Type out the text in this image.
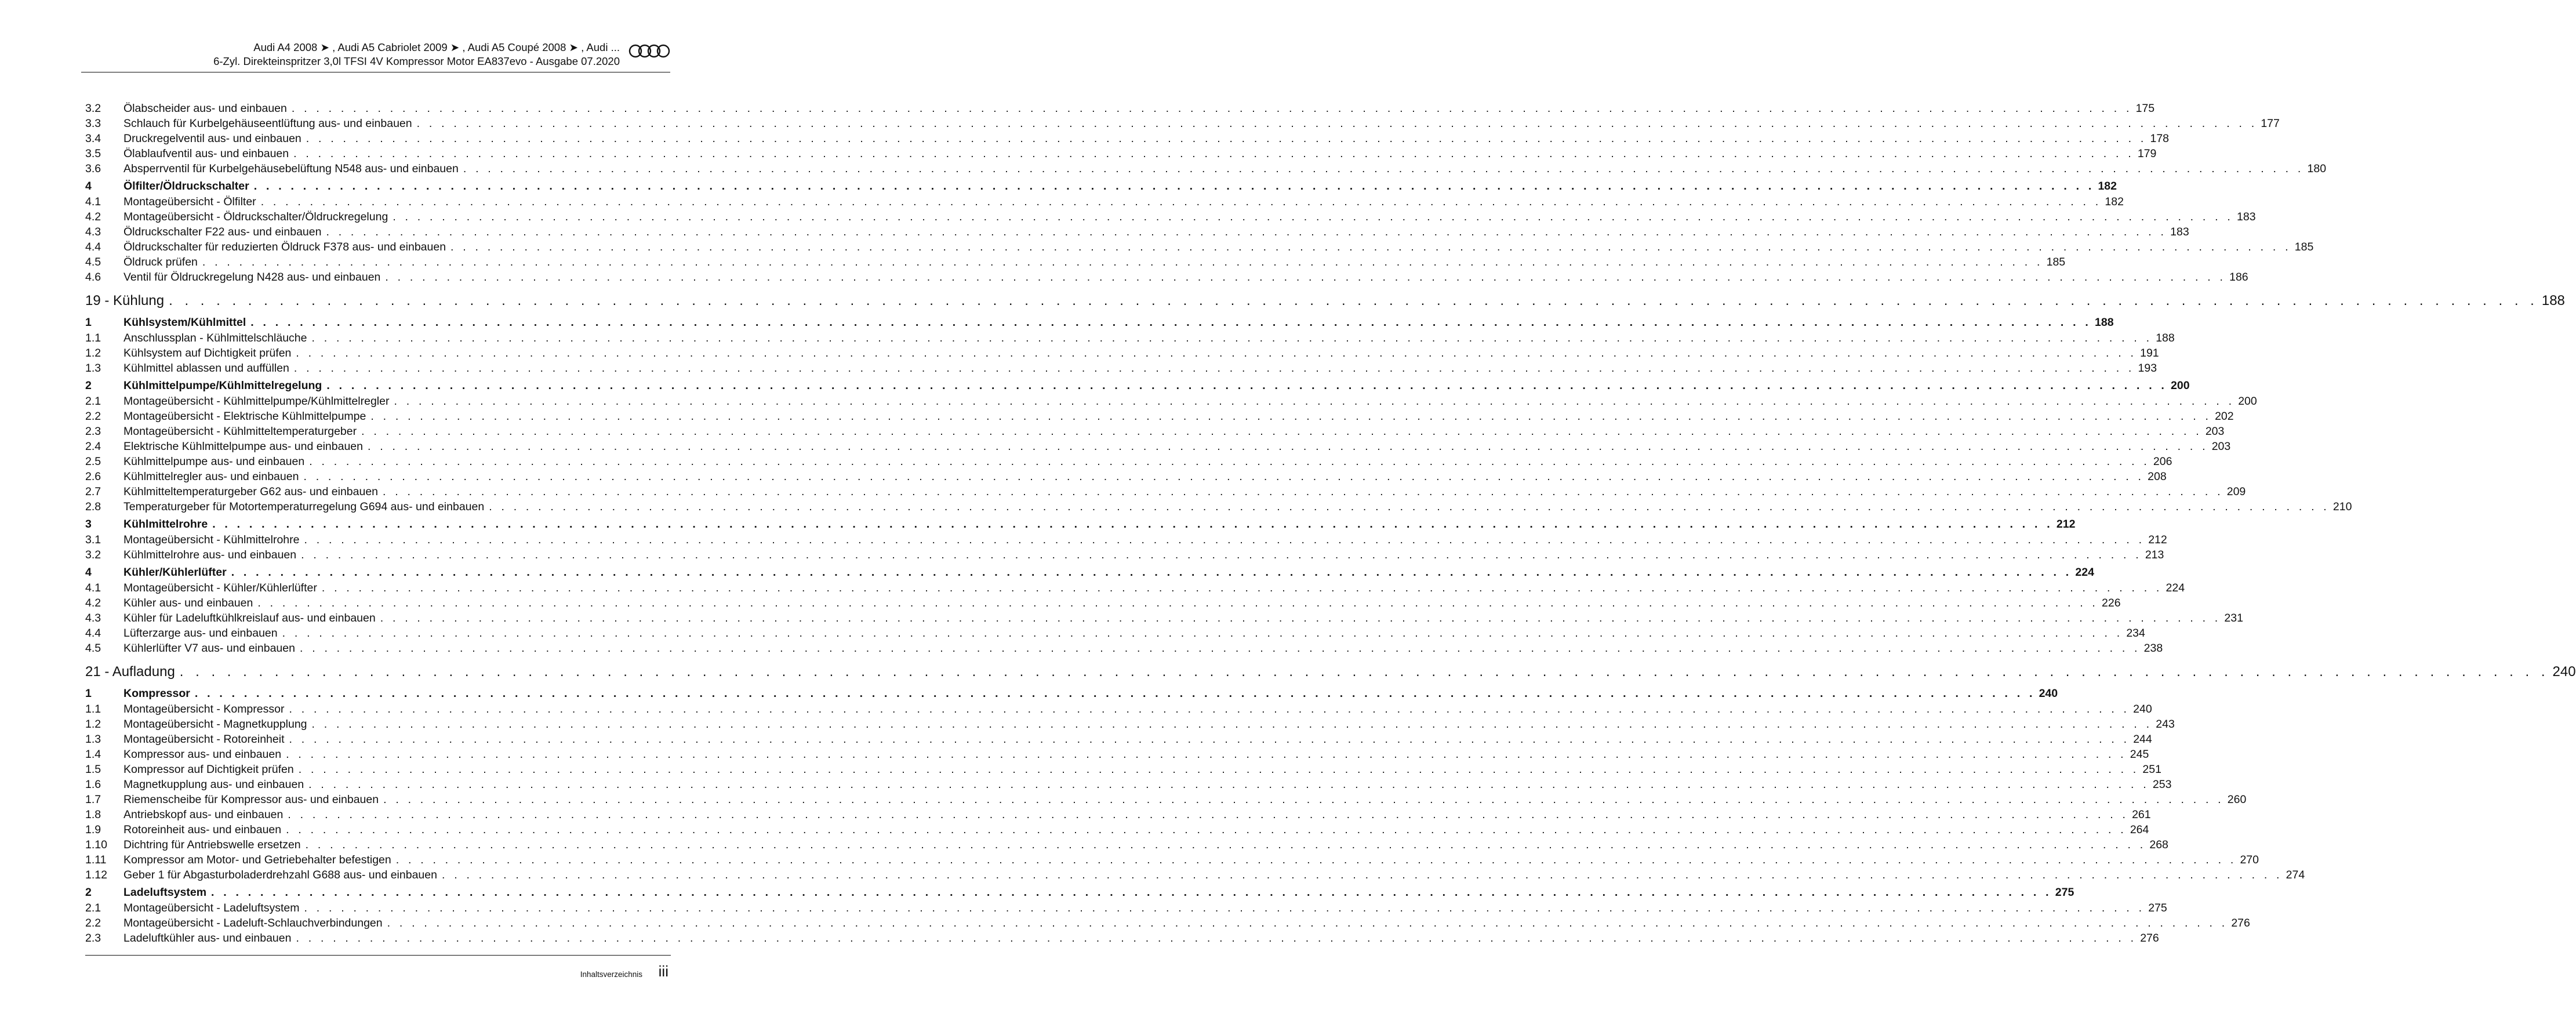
Audi A4 2008 ➤ , Audi A5 Cabriolet 2009 ➤ , Audi A5 Coupé 2008 ➤ , Audi ...
6-Zyl. Direkteinspritzer 3,0l TFSI 4V Kompressor Motor EA837evo - Ausgabe 07.2020
3.2	Ölabscheider aus- und einbauen . . . . . . . . . . . . . . . . . . . . . . . . . . . . . . . . . . . . . . . . . . . . . . . . . . . . . . . . . . . . . . . . . . . . . . . . . . . . . . . . . . . . . . . . . . . . . . . . . . . . . . . . . . . . . . . . . . . . . . . . . . . . . . . . . . . . . . . . . . . . . . . . . . . . . . 175
3.3	Schlauch für Kurbelgehäuseentlüftung aus- und einbauen . . . . . . . . . . . . . . . . . . . . . . . . . . . . . . . . . . . . . . . . . . . . . . . . . . . . . . . . . . . . . . . . . . . . . . . . . . . . . . . . . . . . . . . . . . . . . . . . . . . . . . . . . . . . . . . . . . . . . . . . . . . . . . . . . . . . . . . . . . . . . . . . . . . . . . 177
3.4	Druckregelventil aus- und einbauen . . . . . . . . . . . . . . . . . . . . . . . . . . . . . . . . . . . . . . . . . . . . . . . . . . . . . . . . . . . . . . . . . . . . . . . . . . . . . . . . . . . . . . . . . . . . . . . . . . . . . . . . . . . . . . . . . . . . . . . . . . . . . . . . . . . . . . . . . . . . . . . . . . . . . . 178
3.5	Ölablaufventil aus- und einbauen . . . . . . . . . . . . . . . . . . . . . . . . . . . . . . . . . . . . . . . . . . . . . . . . . . . . . . . . . . . . . . . . . . . . . . . . . . . . . . . . . . . . . . . . . . . . . . . . . . . . . . . . . . . . . . . . . . . . . . . . . . . . . . . . . . . . . . . . . . . . . . . . . . . . . . 179
3.6	Absperrventil für Kurbelgehäusebelüftung N548 aus- und einbauen . . . . . . . . . . . . . . . . . . . . . . . . . . . . . . . . . . . . . . . . . . . . . . . . . . . . . . . . . . . . . . . . . . . . . . . . . . . . . . . . . . . . . . . . . . . . . . . . . . . . . . . . . . . . . . . . . . . . . . . . . . . . . . . . . . . . . . . . . . . . . . . . . . . . . . 180
4	Ölfilter/Öldruckschalter . . . . . . . . . . . . . . . . . . . . . . . . . . . . . . . . . . . . . . . . . . . . . . . . . . . . . . . . . . . . . . . . . . . . . . . . . . . . . . . . . . . . . . . . . . . . . . . . . . . . . . . . . . . . . . . . . . . . . . . . . . . . . . . . . . . . . . . . . . . . . . . . . . . . . . 182
4.1	Montageübersicht - Ölfilter . . . . . . . . . . . . . . . . . . . . . . . . . . . . . . . . . . . . . . . . . . . . . . . . . . . . . . . . . . . . . . . . . . . . . . . . . . . . . . . . . . . . . . . . . . . . . . . . . . . . . . . . . . . . . . . . . . . . . . . . . . . . . . . . . . . . . . . . . . . . . . . . . . . . . . 182
4.2	Montageübersicht - Öldruckschalter/Öldruckregelung . . . . . . . . . . . . . . . . . . . . . . . . . . . . . . . . . . . . . . . . . . . . . . . . . . . . . . . . . . . . . . . . . . . . . . . . . . . . . . . . . . . . . . . . . . . . . . . . . . . . . . . . . . . . . . . . . . . . . . . . . . . . . . . . . . . . . . . . . . . . . . . . . . . . . . 183
4.3	Öldruckschalter F22 aus- und einbauen . . . . . . . . . . . . . . . . . . . . . . . . . . . . . . . . . . . . . . . . . . . . . . . . . . . . . . . . . . . . . . . . . . . . . . . . . . . . . . . . . . . . . . . . . . . . . . . . . . . . . . . . . . . . . . . . . . . . . . . . . . . . . . . . . . . . . . . . . . . . . . . . . . . . . . 183
4.4	Öldruckschalter für reduzierten Öldruck F378 aus- und einbauen . . . . . . . . . . . . . . . . . . . . . . . . . . . . . . . . . . . . . . . . . . . . . . . . . . . . . . . . . . . . . . . . . . . . . . . . . . . . . . . . . . . . . . . . . . . . . . . . . . . . . . . . . . . . . . . . . . . . . . . . . . . . . . . . . . . . . . . . . . . . . . . . . . . . . . 185
4.5	Öldruck prüfen . . . . . . . . . . . . . . . . . . . . . . . . . . . . . . . . . . . . . . . . . . . . . . . . . . . . . . . . . . . . . . . . . . . . . . . . . . . . . . . . . . . . . . . . . . . . . . . . . . . . . . . . . . . . . . . . . . . . . . . . . . . . . . . . . . . . . . . . . . . . . . . . . . . . . . 185
4.6	Ventil für Öldruckregelung N428 aus- und einbauen . . . . . . . . . . . . . . . . . . . . . . . . . . . . . . . . . . . . . . . . . . . . . . . . . . . . . . . . . . . . . . . . . . . . . . . . . . . . . . . . . . . . . . . . . . . . . . . . . . . . . . . . . . . . . . . . . . . . . . . . . . . . . . . . . . . . . . . . . . . . . . . . . . . . . . 186
19 - Kühlung . . . . . . . . . . . . . . . . . . . . . . . . . . . . . . . . . . . . . . . . . . . . . . . . . . . . . . . . . . . . . . . . . . . . . . . . . . . . . . . . . . . . . . . . . . . . . . . . . . . . . . . . . . . . . . . . . . . . . . . . . . . . . . . . . . . . . . . . . . . . . . . . . . . . . . 188
1	Kühlsystem/Kühlmittel . . . . . . . . . . . . . . . . . . . . . . . . . . . . . . . . . . . . . . . . . . . . . . . . . . . . . . . . . . . . . . . . . . . . . . . . . . . . . . . . . . . . . . . . . . . . . . . . . . . . . . . . . . . . . . . . . . . . . . . . . . . . . . . . . . . . . . . . . . . . . . . . . . . . . . 188
1.1	Anschlussplan - Kühlmittelschläuche . . . . . . . . . . . . . . . . . . . . . . . . . . . . . . . . . . . . . . . . . . . . . . . . . . . . . . . . . . . . . . . . . . . . . . . . . . . . . . . . . . . . . . . . . . . . . . . . . . . . . . . . . . . . . . . . . . . . . . . . . . . . . . . . . . . . . . . . . . . . . . . . . . . . . . 188
1.2	Kühlsystem auf Dichtigkeit prüfen . . . . . . . . . . . . . . . . . . . . . . . . . . . . . . . . . . . . . . . . . . . . . . . . . . . . . . . . . . . . . . . . . . . . . . . . . . . . . . . . . . . . . . . . . . . . . . . . . . . . . . . . . . . . . . . . . . . . . . . . . . . . . . . . . . . . . . . . . . . . . . . . . . . . . . 191
1.3	Kühlmittel ablassen und auffüllen . . . . . . . . . . . . . . . . . . . . . . . . . . . . . . . . . . . . . . . . . . . . . . . . . . . . . . . . . . . . . . . . . . . . . . . . . . . . . . . . . . . . . . . . . . . . . . . . . . . . . . . . . . . . . . . . . . . . . . . . . . . . . . . . . . . . . . . . . . . . . . . . . . . . . . 193
2	Kühlmittelpumpe/Kühlmittelregelung . . . . . . . . . . . . . . . . . . . . . . . . . . . . . . . . . . . . . . . . . . . . . . . . . . . . . . . . . . . . . . . . . . . . . . . . . . . . . . . . . . . . . . . . . . . . . . . . . . . . . . . . . . . . . . . . . . . . . . . . . . . . . . . . . . . . . . . . . . . . . . . . . . . . . . 200
2.1	Montageübersicht - Kühlmittelpumpe/Kühlmittelregler . . . . . . . . . . . . . . . . . . . . . . . . . . . . . . . . . . . . . . . . . . . . . . . . . . . . . . . . . . . . . . . . . . . . . . . . . . . . . . . . . . . . . . . . . . . . . . . . . . . . . . . . . . . . . . . . . . . . . . . . . . . . . . . . . . . . . . . . . . . . . . . . . . . . . . 200
2.2	Montageübersicht - Elektrische Kühlmittelpumpe . . . . . . . . . . . . . . . . . . . . . . . . . . . . . . . . . . . . . . . . . . . . . . . . . . . . . . . . . . . . . . . . . . . . . . . . . . . . . . . . . . . . . . . . . . . . . . . . . . . . . . . . . . . . . . . . . . . . . . . . . . . . . . . . . . . . . . . . . . . . . . . . . . . . . . 202
2.3	Montageübersicht - Kühlmitteltemperaturgeber . . . . . . . . . . . . . . . . . . . . . . . . . . . . . . . . . . . . . . . . . . . . . . . . . . . . . . . . . . . . . . . . . . . . . . . . . . . . . . . . . . . . . . . . . . . . . . . . . . . . . . . . . . . . . . . . . . . . . . . . . . . . . . . . . . . . . . . . . . . . . . . . . . . . . . 203
2.4	Elektrische Kühlmittelpumpe aus- und einbauen . . . . . . . . . . . . . . . . . . . . . . . . . . . . . . . . . . . . . . . . . . . . . . . . . . . . . . . . . . . . . . . . . . . . . . . . . . . . . . . . . . . . . . . . . . . . . . . . . . . . . . . . . . . . . . . . . . . . . . . . . . . . . . . . . . . . . . . . . . . . . . . . . . . . . . 203
2.5	Kühlmittelpumpe aus- und einbauen . . . . . . . . . . . . . . . . . . . . . . . . . . . . . . . . . . . . . . . . . . . . . . . . . . . . . . . . . . . . . . . . . . . . . . . . . . . . . . . . . . . . . . . . . . . . . . . . . . . . . . . . . . . . . . . . . . . . . . . . . . . . . . . . . . . . . . . . . . . . . . . . . . . . . . 206
2.6	Kühlmittelregler aus- und einbauen . . . . . . . . . . . . . . . . . . . . . . . . . . . . . . . . . . . . . . . . . . . . . . . . . . . . . . . . . . . . . . . . . . . . . . . . . . . . . . . . . . . . . . . . . . . . . . . . . . . . . . . . . . . . . . . . . . . . . . . . . . . . . . . . . . . . . . . . . . . . . . . . . . . . . . 208
2.7	Kühlmitteltemperaturgeber G62 aus- und einbauen . . . . . . . . . . . . . . . . . . . . . . . . . . . . . . . . . . . . . . . . . . . . . . . . . . . . . . . . . . . . . . . . . . . . . . . . . . . . . . . . . . . . . . . . . . . . . . . . . . . . . . . . . . . . . . . . . . . . . . . . . . . . . . . . . . . . . . . . . . . . . . . . . . . . . . 209
2.8	Temperaturgeber für Motortemperaturregelung G694 aus- und einbauen . . . . . . . . . . . . . . . . . . . . . . . . . . . . . . . . . . . . . . . . . . . . . . . . . . . . . . . . . . . . . . . . . . . . . . . . . . . . . . . . . . . . . . . . . . . . . . . . . . . . . . . . . . . . . . . . . . . . . . . . . . . . . . . . . . . . . . . . . . . . . . . . . . . . . . 210
3	Kühlmittelrohre . . . . . . . . . . . . . . . . . . . . . . . . . . . . . . . . . . . . . . . . . . . . . . . . . . . . . . . . . . . . . . . . . . . . . . . . . . . . . . . . . . . . . . . . . . . . . . . . . . . . . . . . . . . . . . . . . . . . . . . . . . . . . . . . . . . . . . . . . . . . . . . . . . . . . . 212
3.1	Montageübersicht - Kühlmittelrohre . . . . . . . . . . . . . . . . . . . . . . . . . . . . . . . . . . . . . . . . . . . . . . . . . . . . . . . . . . . . . . . . . . . . . . . . . . . . . . . . . . . . . . . . . . . . . . . . . . . . . . . . . . . . . . . . . . . . . . . . . . . . . . . . . . . . . . . . . . . . . . . . . . . . . . 212
3.2	Kühlmittelrohre aus- und einbauen . . . . . . . . . . . . . . . . . . . . . . . . . . . . . . . . . . . . . . . . . . . . . . . . . . . . . . . . . . . . . . . . . . . . . . . . . . . . . . . . . . . . . . . . . . . . . . . . . . . . . . . . . . . . . . . . . . . . . . . . . . . . . . . . . . . . . . . . . . . . . . . . . . . . . . 213
4	Kühler/Kühlerlüfter . . . . . . . . . . . . . . . . . . . . . . . . . . . . . . . . . . . . . . . . . . . . . . . . . . . . . . . . . . . . . . . . . . . . . . . . . . . . . . . . . . . . . . . . . . . . . . . . . . . . . . . . . . . . . . . . . . . . . . . . . . . . . . . . . . . . . . . . . . . . . . . . . . . . . . 224
4.1	Montageübersicht - Kühler/Kühlerlüfter . . . . . . . . . . . . . . . . . . . . . . . . . . . . . . . . . . . . . . . . . . . . . . . . . . . . . . . . . . . . . . . . . . . . . . . . . . . . . . . . . . . . . . . . . . . . . . . . . . . . . . . . . . . . . . . . . . . . . . . . . . . . . . . . . . . . . . . . . . . . . . . . . . . . . . 224
4.2	Kühler aus- und einbauen . . . . . . . . . . . . . . . . . . . . . . . . . . . . . . . . . . . . . . . . . . . . . . . . . . . . . . . . . . . . . . . . . . . . . . . . . . . . . . . . . . . . . . . . . . . . . . . . . . . . . . . . . . . . . . . . . . . . . . . . . . . . . . . . . . . . . . . . . . . . . . . . . . . . . . 226
4.3	Kühler für Ladeluftkühlkreislauf aus- und einbauen . . . . . . . . . . . . . . . . . . . . . . . . . . . . . . . . . . . . . . . . . . . . . . . . . . . . . . . . . . . . . . . . . . . . . . . . . . . . . . . . . . . . . . . . . . . . . . . . . . . . . . . . . . . . . . . . . . . . . . . . . . . . . . . . . . . . . . . . . . . . . . . . . . . . . . 231
4.4	Lüfterzarge aus- und einbauen . . . . . . . . . . . . . . . . . . . . . . . . . . . . . . . . . . . . . . . . . . . . . . . . . . . . . . . . . . . . . . . . . . . . . . . . . . . . . . . . . . . . . . . . . . . . . . . . . . . . . . . . . . . . . . . . . . . . . . . . . . . . . . . . . . . . . . . . . . . . . . . . . . . . . . 234
4.5	Kühlerlüfter V7 aus- und einbauen . . . . . . . . . . . . . . . . . . . . . . . . . . . . . . . . . . . . . . . . . . . . . . . . . . . . . . . . . . . . . . . . . . . . . . . . . . . . . . . . . . . . . . . . . . . . . . . . . . . . . . . . . . . . . . . . . . . . . . . . . . . . . . . . . . . . . . . . . . . . . . . . . . . . . . 238
21 - Aufladung . . . . . . . . . . . . . . . . . . . . . . . . . . . . . . . . . . . . . . . . . . . . . . . . . . . . . . . . . . . . . . . . . . . . . . . . . . . . . . . . . . . . . . . . . . . . . . . . . . . . . . . . . . . . . . . . . . . . . . . . . . . . . . . . . . . . . . . . . . . . . . . . . . . . . . 240
1	Kompressor . . . . . . . . . . . . . . . . . . . . . . . . . . . . . . . . . . . . . . . . . . . . . . . . . . . . . . . . . . . . . . . . . . . . . . . . . . . . . . . . . . . . . . . . . . . . . . . . . . . . . . . . . . . . . . . . . . . . . . . . . . . . . . . . . . . . . . . . . . . . . . . . . . . . . . 240
1.1	Montageübersicht - Kompressor . . . . . . . . . . . . . . . . . . . . . . . . . . . . . . . . . . . . . . . . . . . . . . . . . . . . . . . . . . . . . . . . . . . . . . . . . . . . . . . . . . . . . . . . . . . . . . . . . . . . . . . . . . . . . . . . . . . . . . . . . . . . . . . . . . . . . . . . . . . . . . . . . . . . . . 240
1.2	Montageübersicht - Magnetkupplung . . . . . . . . . . . . . . . . . . . . . . . . . . . . . . . . . . . . . . . . . . . . . . . . . . . . . . . . . . . . . . . . . . . . . . . . . . . . . . . . . . . . . . . . . . . . . . . . . . . . . . . . . . . . . . . . . . . . . . . . . . . . . . . . . . . . . . . . . . . . . . . . . . . . . . 243
1.3	Montageübersicht - Rotoreinheit . . . . . . . . . . . . . . . . . . . . . . . . . . . . . . . . . . . . . . . . . . . . . . . . . . . . . . . . . . . . . . . . . . . . . . . . . . . . . . . . . . . . . . . . . . . . . . . . . . . . . . . . . . . . . . . . . . . . . . . . . . . . . . . . . . . . . . . . . . . . . . . . . . . . . . 244
1.4	Kompressor aus- und einbauen . . . . . . . . . . . . . . . . . . . . . . . . . . . . . . . . . . . . . . . . . . . . . . . . . . . . . . . . . . . . . . . . . . . . . . . . . . . . . . . . . . . . . . . . . . . . . . . . . . . . . . . . . . . . . . . . . . . . . . . . . . . . . . . . . . . . . . . . . . . . . . . . . . . . . . 245
1.5	Kompressor auf Dichtigkeit prüfen . . . . . . . . . . . . . . . . . . . . . . . . . . . . . . . . . . . . . . . . . . . . . . . . . . . . . . . . . . . . . . . . . . . . . . . . . . . . . . . . . . . . . . . . . . . . . . . . . . . . . . . . . . . . . . . . . . . . . . . . . . . . . . . . . . . . . . . . . . . . . . . . . . . . . . 251
1.6	Magnetkupplung aus- und einbauen . . . . . . . . . . . . . . . . . . . . . . . . . . . . . . . . . . . . . . . . . . . . . . . . . . . . . . . . . . . . . . . . . . . . . . . . . . . . . . . . . . . . . . . . . . . . . . . . . . . . . . . . . . . . . . . . . . . . . . . . . . . . . . . . . . . . . . . . . . . . . . . . . . . . . . 253
1.7	Riemenscheibe für Kompressor aus- und einbauen . . . . . . . . . . . . . . . . . . . . . . . . . . . . . . . . . . . . . . . . . . . . . . . . . . . . . . . . . . . . . . . . . . . . . . . . . . . . . . . . . . . . . . . . . . . . . . . . . . . . . . . . . . . . . . . . . . . . . . . . . . . . . . . . . . . . . . . . . . . . . . . . . . . . . . 260
1.8	Antriebskopf aus- und einbauen . . . . . . . . . . . . . . . . . . . . . . . . . . . . . . . . . . . . . . . . . . . . . . . . . . . . . . . . . . . . . . . . . . . . . . . . . . . . . . . . . . . . . . . . . . . . . . . . . . . . . . . . . . . . . . . . . . . . . . . . . . . . . . . . . . . . . . . . . . . . . . . . . . . . . . 261
1.9	Rotoreinheit aus- und einbauen . . . . . . . . . . . . . . . . . . . . . . . . . . . . . . . . . . . . . . . . . . . . . . . . . . . . . . . . . . . . . . . . . . . . . . . . . . . . . . . . . . . . . . . . . . . . . . . . . . . . . . . . . . . . . . . . . . . . . . . . . . . . . . . . . . . . . . . . . . . . . . . . . . . . . . 264
1.10	Dichtring für Antriebswelle ersetzen . . . . . . . . . . . . . . . . . . . . . . . . . . . . . . . . . . . . . . . . . . . . . . . . . . . . . . . . . . . . . . . . . . . . . . . . . . . . . . . . . . . . . . . . . . . . . . . . . . . . . . . . . . . . . . . . . . . . . . . . . . . . . . . . . . . . . . . . . . . . . . . . . . . . . . 268
1.11	Kompressor am Motor- und Getriebehalter befestigen . . . . . . . . . . . . . . . . . . . . . . . . . . . . . . . . . . . . . . . . . . . . . . . . . . . . . . . . . . . . . . . . . . . . . . . . . . . . . . . . . . . . . . . . . . . . . . . . . . . . . . . . . . . . . . . . . . . . . . . . . . . . . . . . . . . . . . . . . . . . . . . . . . . . . . 270
1.12	Geber 1 für Abgasturboladerdrehzahl G688 aus- und einbauen . . . . . . . . . . . . . . . . . . . . . . . . . . . . . . . . . . . . . . . . . . . . . . . . . . . . . . . . . . . . . . . . . . . . . . . . . . . . . . . . . . . . . . . . . . . . . . . . . . . . . . . . . . . . . . . . . . . . . . . . . . . . . . . . . . . . . . . . . . . . . . . . . . . . . . 274
2	Ladeluftsystem . . . . . . . . . . . . . . . . . . . . . . . . . . . . . . . . . . . . . . . . . . . . . . . . . . . . . . . . . . . . . . . . . . . . . . . . . . . . . . . . . . . . . . . . . . . . . . . . . . . . . . . . . . . . . . . . . . . . . . . . . . . . . . . . . . . . . . . . . . . . . . . . . . . . . . 275
2.1	Montageübersicht - Ladeluftsystem . . . . . . . . . . . . . . . . . . . . . . . . . . . . . . . . . . . . . . . . . . . . . . . . . . . . . . . . . . . . . . . . . . . . . . . . . . . . . . . . . . . . . . . . . . . . . . . . . . . . . . . . . . . . . . . . . . . . . . . . . . . . . . . . . . . . . . . . . . . . . . . . . . . . . . 275
2.2	Montageübersicht - Ladeluft-Schlauchverbindungen . . . . . . . . . . . . . . . . . . . . . . . . . . . . . . . . . . . . . . . . . . . . . . . . . . . . . . . . . . . . . . . . . . . . . . . . . . . . . . . . . . . . . . . . . . . . . . . . . . . . . . . . . . . . . . . . . . . . . . . . . . . . . . . . . . . . . . . . . . . . . . . . . . . . . . 276
2.3	Ladeluftkühler aus- und einbauen . . . . . . . . . . . . . . . . . . . . . . . . . . . . . . . . . . . . . . . . . . . . . . . . . . . . . . . . . . . . . . . . . . . . . . . . . . . . . . . . . . . . . . . . . . . . . . . . . . . . . . . . . . . . . . . . . . . . . . . . . . . . . . . . . . . . . . . . . . . . . . . . . . . . . . 276
Inhaltsverzeichnis iii
